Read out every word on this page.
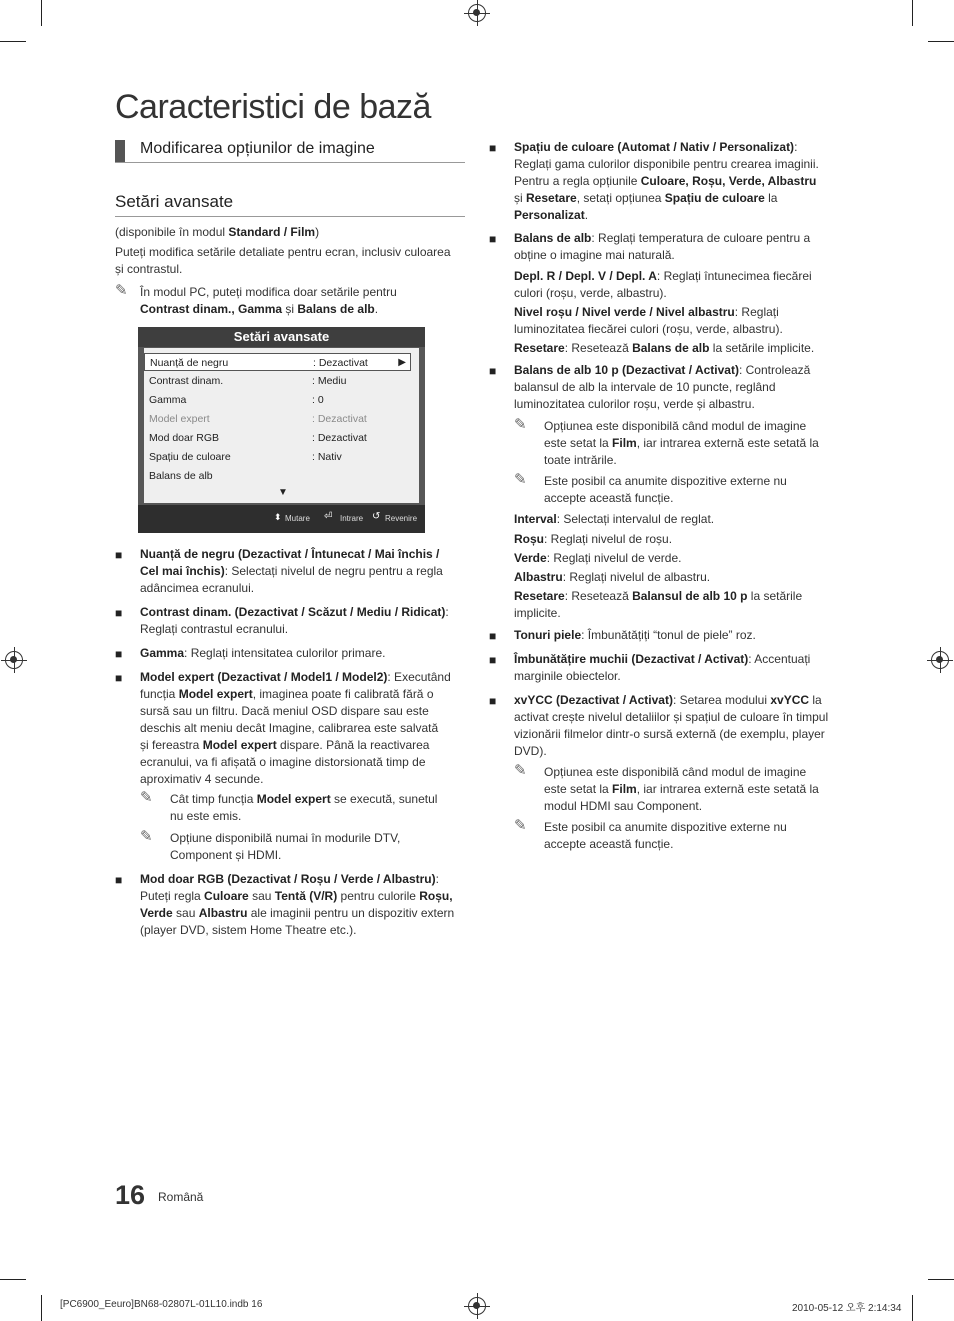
Caracteristici de bază
Modificarea opțiunilor de imagine
Setări avansate
(disponibile în modul Standard / Film)
Puteți modifica setările detaliate pentru ecran, inclusiv culoarea
și contrastul.
✎ În modul PC, puteți modifica doar setările pentru
Contrast dinam., Gamma și Balans de alb.
Setări avansate
Nuanță de negru	: Dezactivat	▶
Contrast dinam.	: Mediu
Gamma	: 0
Model expert	: Dezactivat
Mod doar RGB	: Dezactivat
Spațiu de culoare	: Nativ
Balans de alb
▼
⬍ Mutare ⏎ Intrare ↺ Revenire
■ Nuanță de negru (Dezactivat / Întunecat / Mai închis /
Cel mai închis): Selectați nivelul de negru pentru a regla
adâncimea ecranului.
■ Contrast dinam. (Dezactivat / Scăzut / Mediu / Ridicat):
Reglați contrastul ecranului.
■ Gamma: Reglați intensitatea culorilor primare.
■ Model expert (Dezactivat / Model1 / Model2): Executând
funcția Model expert, imaginea poate fi calibrată fără o
sursă sau un filtru. Dacă meniul OSD dispare sau este
deschis alt meniu decât Imagine, calibrarea este salvată
și fereastra Model expert dispare. Până la reactivarea
ecranului, va fi afișată o imagine distorsionată timp de
aproximativ 4 secunde.
✎ Cât timp funcția Model expert se execută, sunetul
nu este emis.
✎ Opțiune disponibilă numai în modurile DTV,
Component și HDMI.
■ Mod doar RGB (Dezactivat / Roșu / Verde / Albastru):
Puteți regla Culoare sau Tentă (V/R) pentru culorile Roșu,
Verde sau Albastru ale imaginii pentru un dispozitiv extern
(player DVD, sistem Home Theatre etc.).
■ Spațiu de culoare (Automat / Nativ / Personalizat):
Reglați gama culorilor disponibile pentru crearea imaginii.
Pentru a regla opțiunile Culoare, Roșu, Verde, Albastru
și Resetare, setați opțiunea Spațiu de culoare la
Personalizat.
■ Balans de alb: Reglați temperatura de culoare pentru a
obține o imagine mai naturală.
Depl. R / Depl. V / Depl. A: Reglați întunecimea fiecărei
culori (roșu, verde, albastru).
Nivel roșu / Nivel verde / Nivel albastru: Reglați
luminozitatea fiecărei culori (roșu, verde, albastru).
Resetare: Resetează Balans de alb la setările implicite.
■ Balans de alb 10 p (Dezactivat / Activat): Controlează
balansul de alb la intervale de 10 puncte, reglând
luminozitatea culorilor roșu, verde și albastru.
✎ Opțiunea este disponibilă când modul de imagine
este setat la Film, iar intrarea externă este setată la
toate intrările.
✎ Este posibil ca anumite dispozitive externe nu
accepte această funcție.
Interval: Selectați intervalul de reglat.
Roșu: Reglați nivelul de roșu.
Verde: Reglați nivelul de verde.
Albastru: Reglați nivelul de albastru.
Resetare: Resetează Balansul de alb 10 p la setările
implicite.
■ Tonuri piele: Îmbunătățiți “tonul de piele” roz.
■ Îmbunătățire muchii (Dezactivat / Activat): Accentuați
marginile obiectelor.
■ xvYCC (Dezactivat / Activat): Setarea modului xvYCC la
activat crește nivelul detaliilor și spațiul de culoare în timpul
vizionării filmelor dintr-o sursă externă (de exemplu, player
DVD).
✎ Opțiunea este disponibilă când modul de imagine
este setat la Film, iar intrarea externă este setată la
modul HDMI sau Component.
✎ Este posibil ca anumite dispozitive externe nu
accepte această funcție.
16 Română
[PC6900_Eeuro]BN68-02807L-01L10.indb 16	2010-05-12 오후 2:14:34
